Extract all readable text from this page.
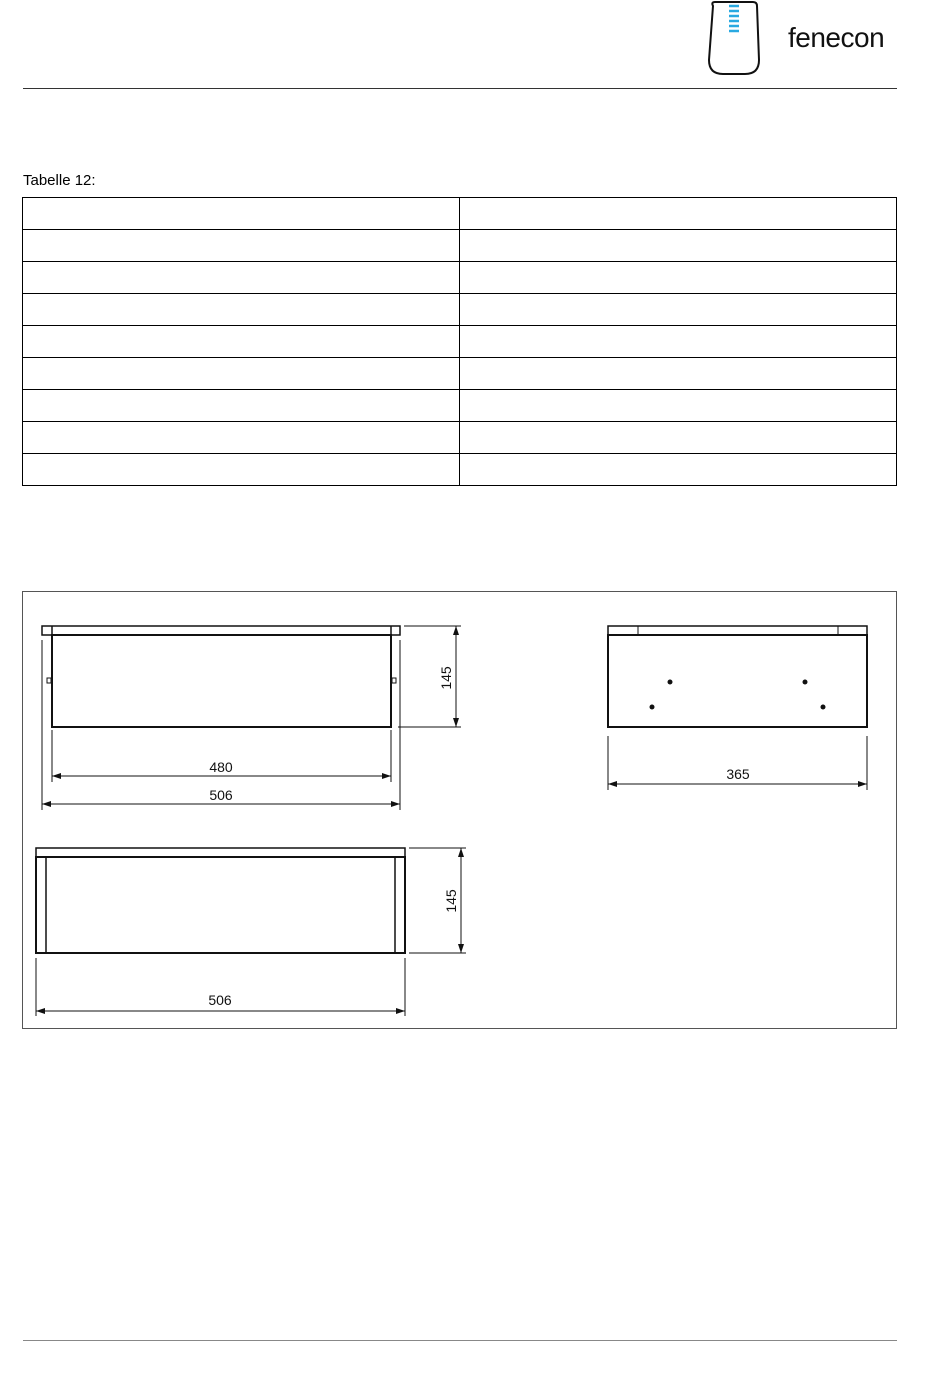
fenecon
Tabelle 12:

145
480
506
365
145
506
